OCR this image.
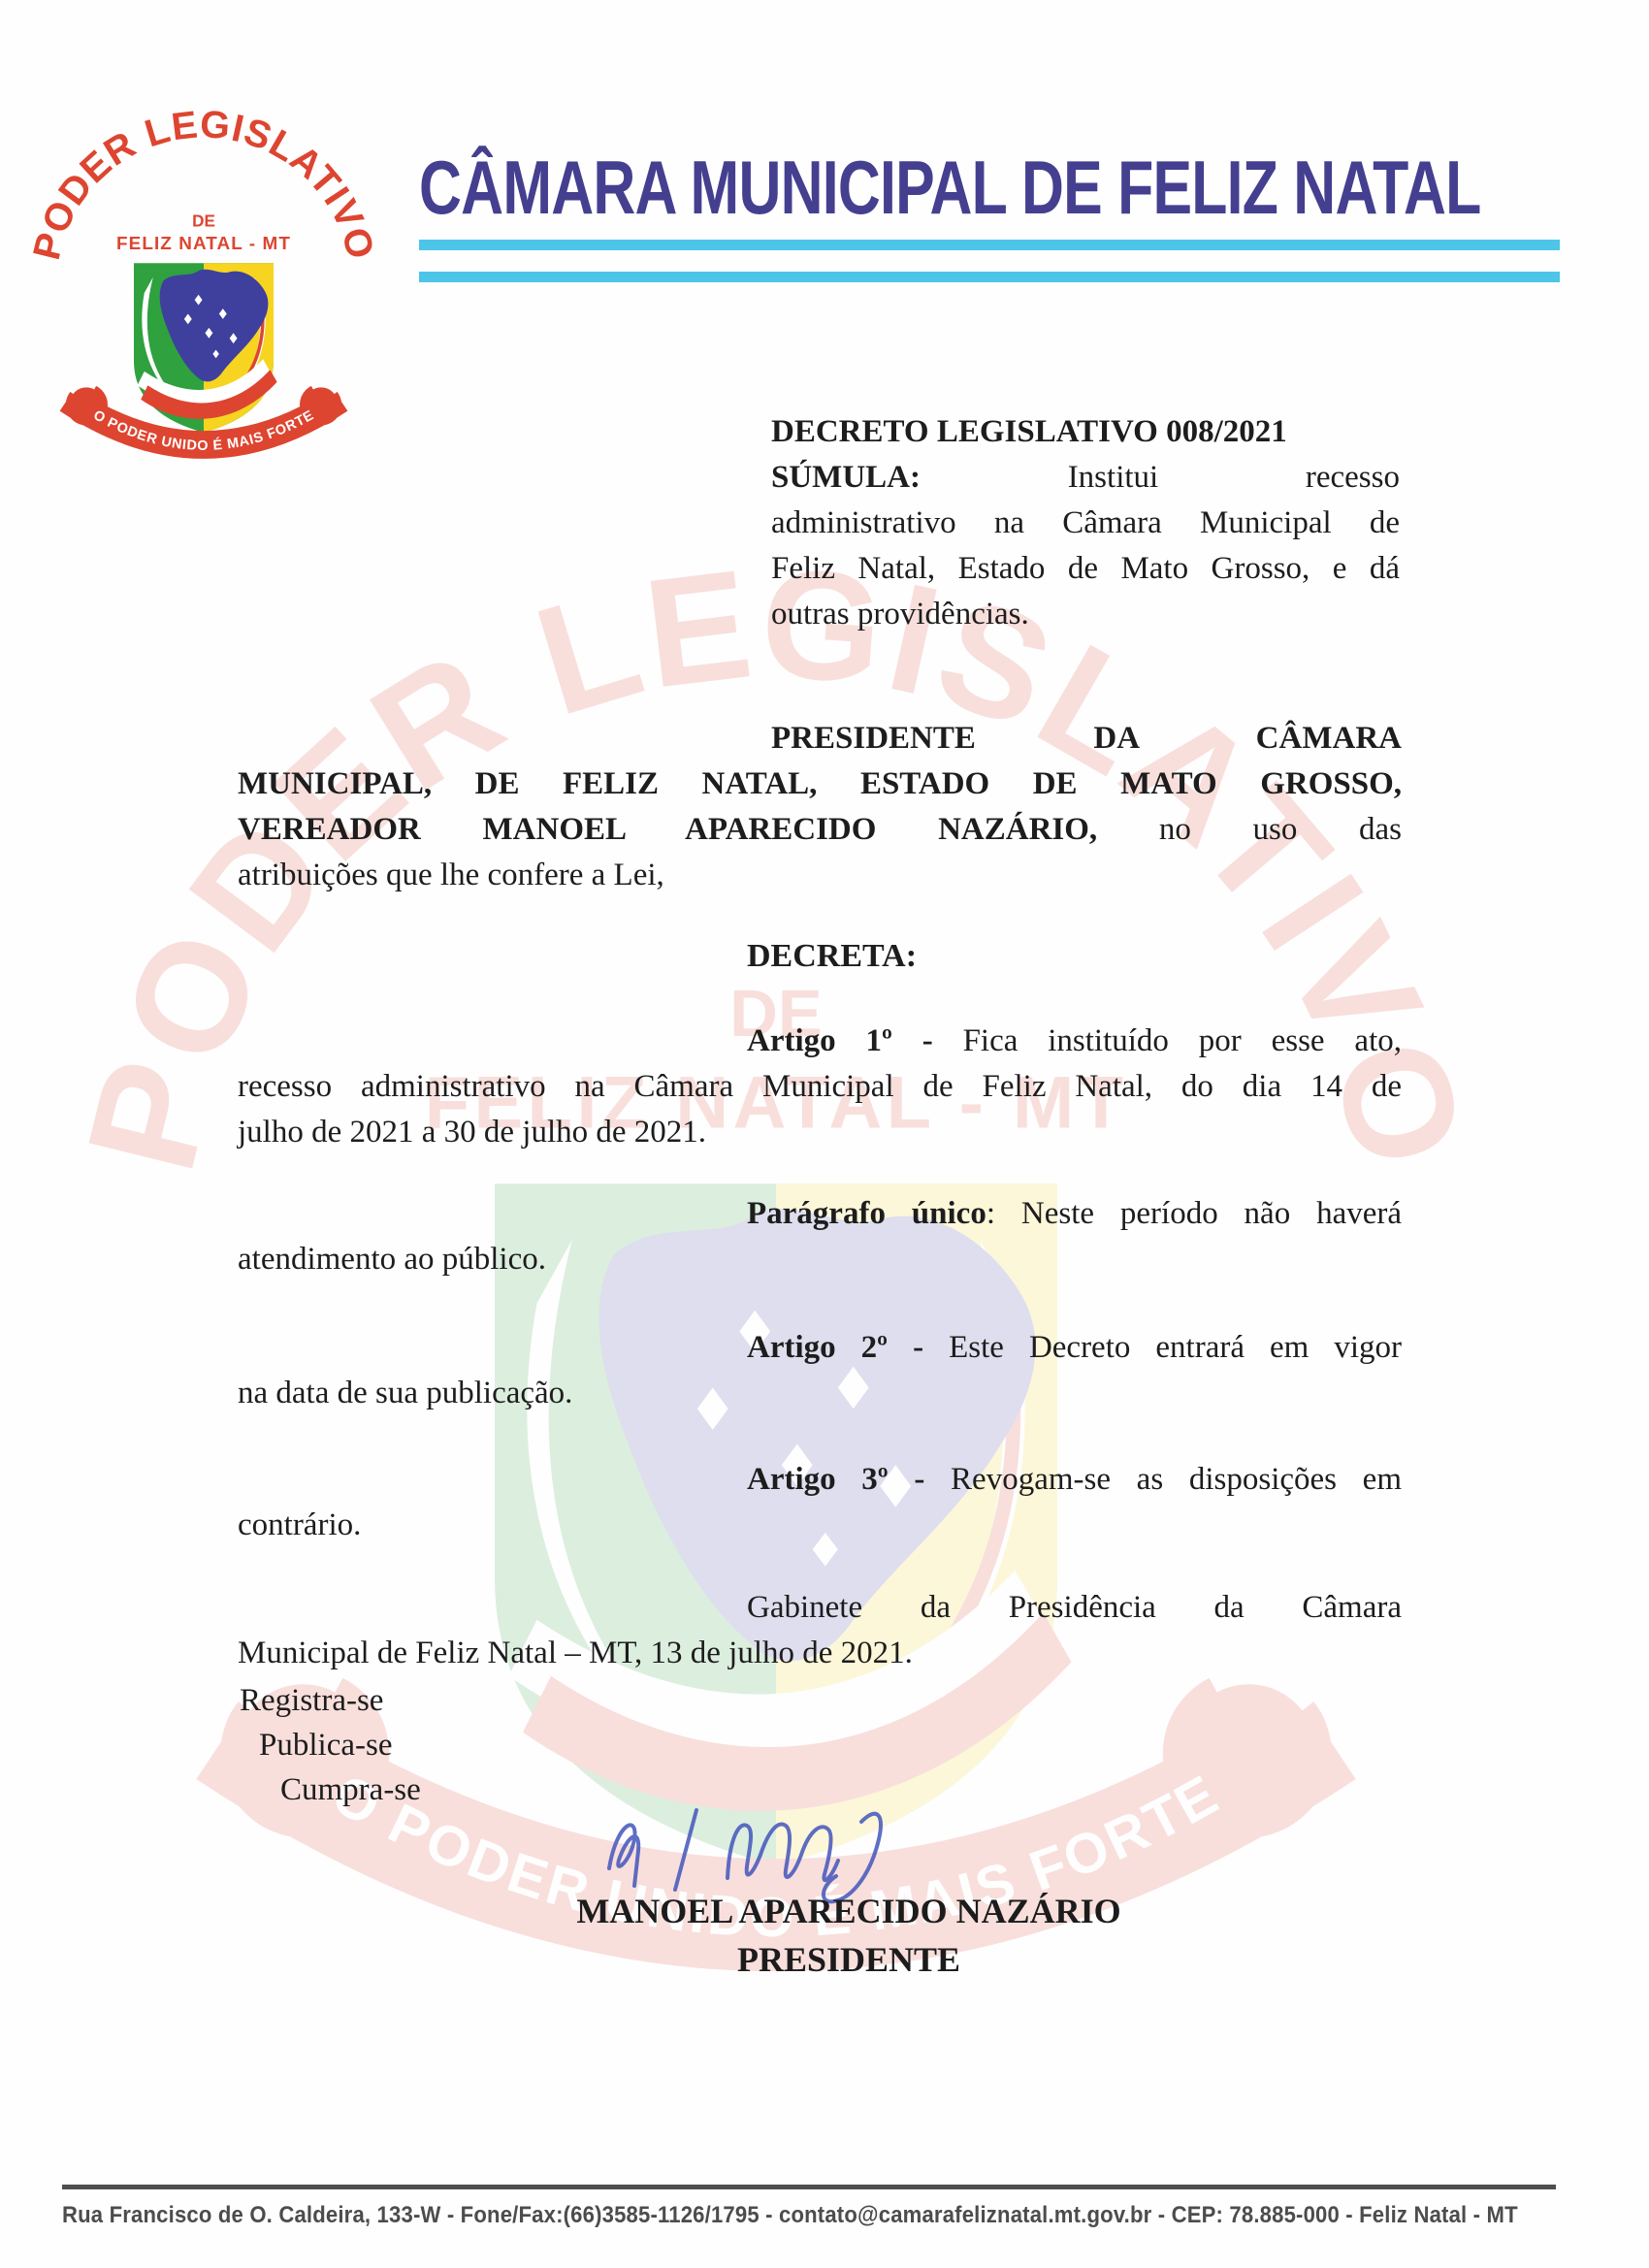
CÂMARA MUNICIPAL DE FELIZ NATAL
DECRETO LEGISLATIVO 008/2021
SÚMULA: Institui recesso
administrativo na Câmara Municipal de
Feliz Natal, Estado de Mato Grosso, e dá
outras providências.
PRESIDENTE DA CÂMARA
MUNICIPAL, DE FELIZ NATAL, ESTADO DE MATO GROSSO,
VEREADOR MANOEL APARECIDO NAZÁRIO, no uso das
atribuições que lhe confere a Lei,
DECRETA:
Artigo 1º - Fica instituído por esse ato,
recesso administrativo na Câmara Municipal de Feliz Natal, do dia 14 de
julho de 2021 a 30 de julho de 2021.
Parágrafo único: Neste período não haverá
atendimento ao público.
Artigo 2º - Este Decreto entrará em vigor
na data de sua publicação.
Artigo 3º - Revogam-se as disposições em
contrário.
Gabinete da Presidência da Câmara
Municipal de Feliz Natal – MT, 13 de julho de 2021.
Registra-se
Publica-se
Cumpra-se
MANOEL APARECIDO NAZÁRIO
PRESIDENTE
Rua Francisco de O. Caldeira, 133-W - Fone/Fax:(66)3585-1126/1795 - contato@camarafeliznatal.mt.gov.br - CEP: 78.885-000 - Feliz Natal - MT
